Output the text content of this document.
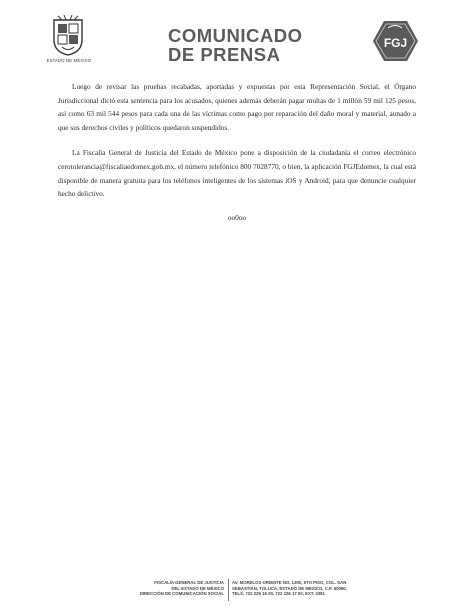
ESTADO DE MÉXICO
COMUNICADO
DE PRENSA
FGJ

Luego de revisar las pruebas recabadas, aportadas y expuestas por esta Representación Social, el Órgano Jurisdiccional dictó esta sentencia para los acusados, quienes además deberán pagar multas de 1 millón 59 mil 125 pesos, así como 63 mil 544 pesos para cada una de las víctimas como pago por reparación del daño moral y material, aunado a que sus derechos civiles y políticos quedaron suspendidos.

La Fiscalía General de Justicia del Estado de México pone a disposición de la ciudadanía el correo electrónico cerotolerancia@fiscaliaedomex.gob.mx, el número telefónico 800 7028770, o bien, la aplicación FGJEdomex, la cual está disponible de manera gratuita para los teléfonos inteligentes de los sistemas iOS y Android, para que denuncie cualquier hecho delictivo.

oo0oo
FISCALÍA GENERAL DE JUSTICIA
DEL ESTADO DE MÉXICO
DIRECCIÓN DE COMUNICACIÓN SOCIAL
AV. MORELOS ORIENTE NO. 1300, 6TO PISO, COL. SAN
SEBASTIÁN, TOLUCA, ESTADO DE MÉXICO, C.P. 50090,
TELS. 722 226 16 00, 722 226 17 00, EXT. 3381
